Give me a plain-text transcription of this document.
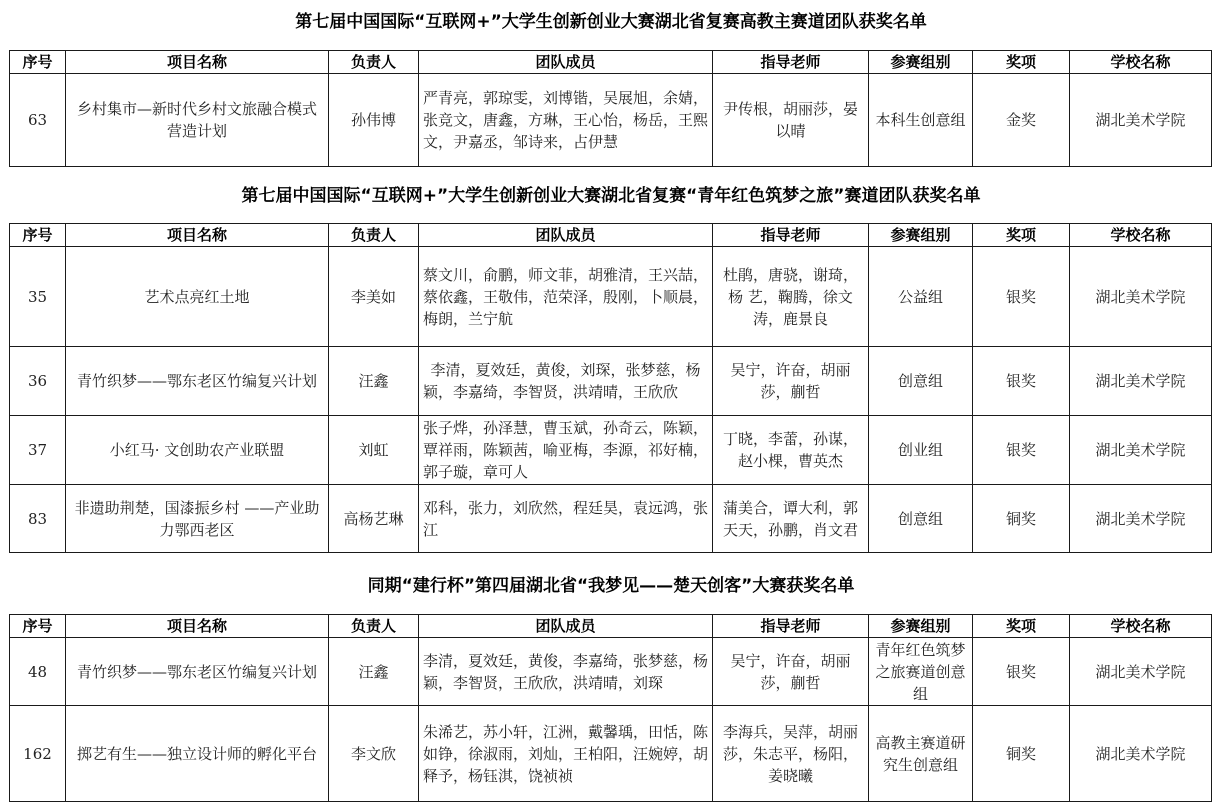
第七届中国国际“互联网+”大学生创新创业大赛湖北省复赛高教主赛道团队获奖名单
序号	项目名称	负责人	团队成员	指导老师	参赛组别	奖项	学校名称
63	乡村集市—新时代乡村文旅融合模式营造计划	孙伟博	严青亮，郭琼雯，刘博锴，吴展旭，余婧，张竞文，唐鑫，方琳，王心怡，杨岳，王熙文，尹嘉丞，邹诗来，占伊慧	尹传根，胡丽莎，晏以晴	本科生创意组	金奖	湖北美术学院
第七届中国国际“互联网+”大学生创新创业大赛湖北省复赛“青年红色筑梦之旅”赛道团队获奖名单
序号	项目名称	负责人	团队成员	指导老师	参赛组别	奖项	学校名称
35	艺术点亮红土地	李美如	蔡文川，俞鹏，师文菲，胡雅清，王兴喆，蔡依鑫，王敬伟，范荣泽，殷刚，卜顺晨，梅朗，兰宁航	杜鹃，唐骁，谢琦，杨 艺，鞠腾，徐文涛，鹿景良	公益组	银奖	湖北美术学院
36	青竹织梦——鄂东老区竹编复兴计划	汪鑫	李清，夏效廷，黄俊，刘琛，张梦慈，杨颖，李嘉绮，李智贤，洪靖晴，王欣欣	吴宁，许奋，胡丽莎，蒯哲	创意组	银奖	湖北美术学院
37	小红马· 文创助农产业联盟	刘虹	张子烨，孙泽慧，曹玉斌，孙奇云，陈颖，覃祥雨，陈颖茜，喻亚梅，李源，祁好楠，郭子璇，章可人	丁晓，李蕾，孙谋，赵小棵，曹英杰	创业组	银奖	湖北美术学院
83	非遗助荆楚，国漆振乡村 ——产业助力鄂西老区	高杨艺琳	邓科，张力，刘欣然，程廷昊，袁远鸿，张江	蒲美合，谭大利，郭天天，孙鹏，肖文君	创意组	铜奖	湖北美术学院
同期“建行杯”第四届湖北省“我梦见——楚天创客”大赛获奖名单
序号	项目名称	负责人	团队成员	指导老师	参赛组别	奖项	学校名称
48	青竹织梦——鄂东老区竹编复兴计划	汪鑫	李清，夏效廷，黄俊，李嘉绮，张梦慈，杨颖，李智贤，王欣欣，洪靖晴，刘琛	吴宁，许奋，胡丽莎，蒯哲	青年红色筑梦之旅赛道创意组	银奖	湖北美术学院
162	掷艺有生——独立设计师的孵化平台	李文欣	朱浠艺，苏小轩，江洲，戴馨瑀，田恬，陈如铮，徐淑雨，刘灿，王柏阳，汪婉婷，胡释予，杨钰淇，饶祯祯	李海兵，吴萍，胡丽莎，朱志平，杨阳，姜晓曦	高教主赛道研究生创意组	铜奖	湖北美术学院
